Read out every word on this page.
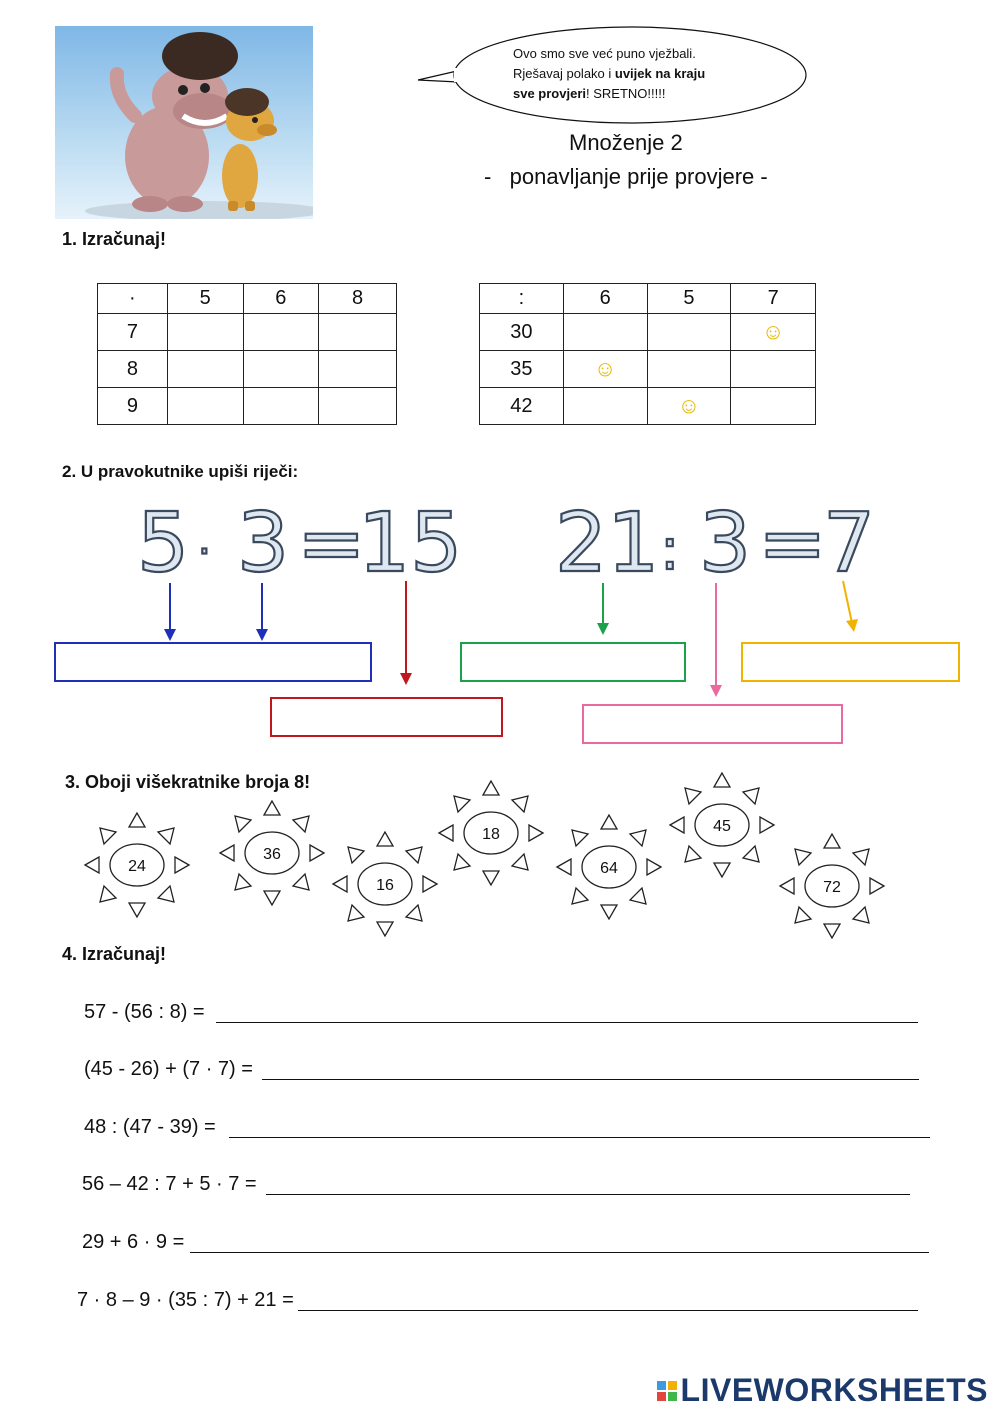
Ovo smo sve već puno vježbali.
Rješavaj polako i uvijek na kraju
sve provjeri! SRETNO!!!!!
Množenje 2
-   ponavljanje prije provjere -
1. Izračunaj!
·	5	6	8
7			
8			
9			
:	6	5	7
30			☺
35	☺		
42		☺	
2. U pravokutnike upiši riječi:
5 · 3 =
15 21 : 3 =
7
3. Oboji višekratnike broja 8!
24
36
16
18
64
45
72
4. Izračunaj!
57 - (56 : 8) =
(45 - 26) + (7 · 7) =
48 : (47 - 39) =
56 – 42 : 7 + 5 · 7 =
29 + 6 · 9 =
7 · 8 – 9 · (35 : 7) + 21 =
LIVEWORKSHEETS
